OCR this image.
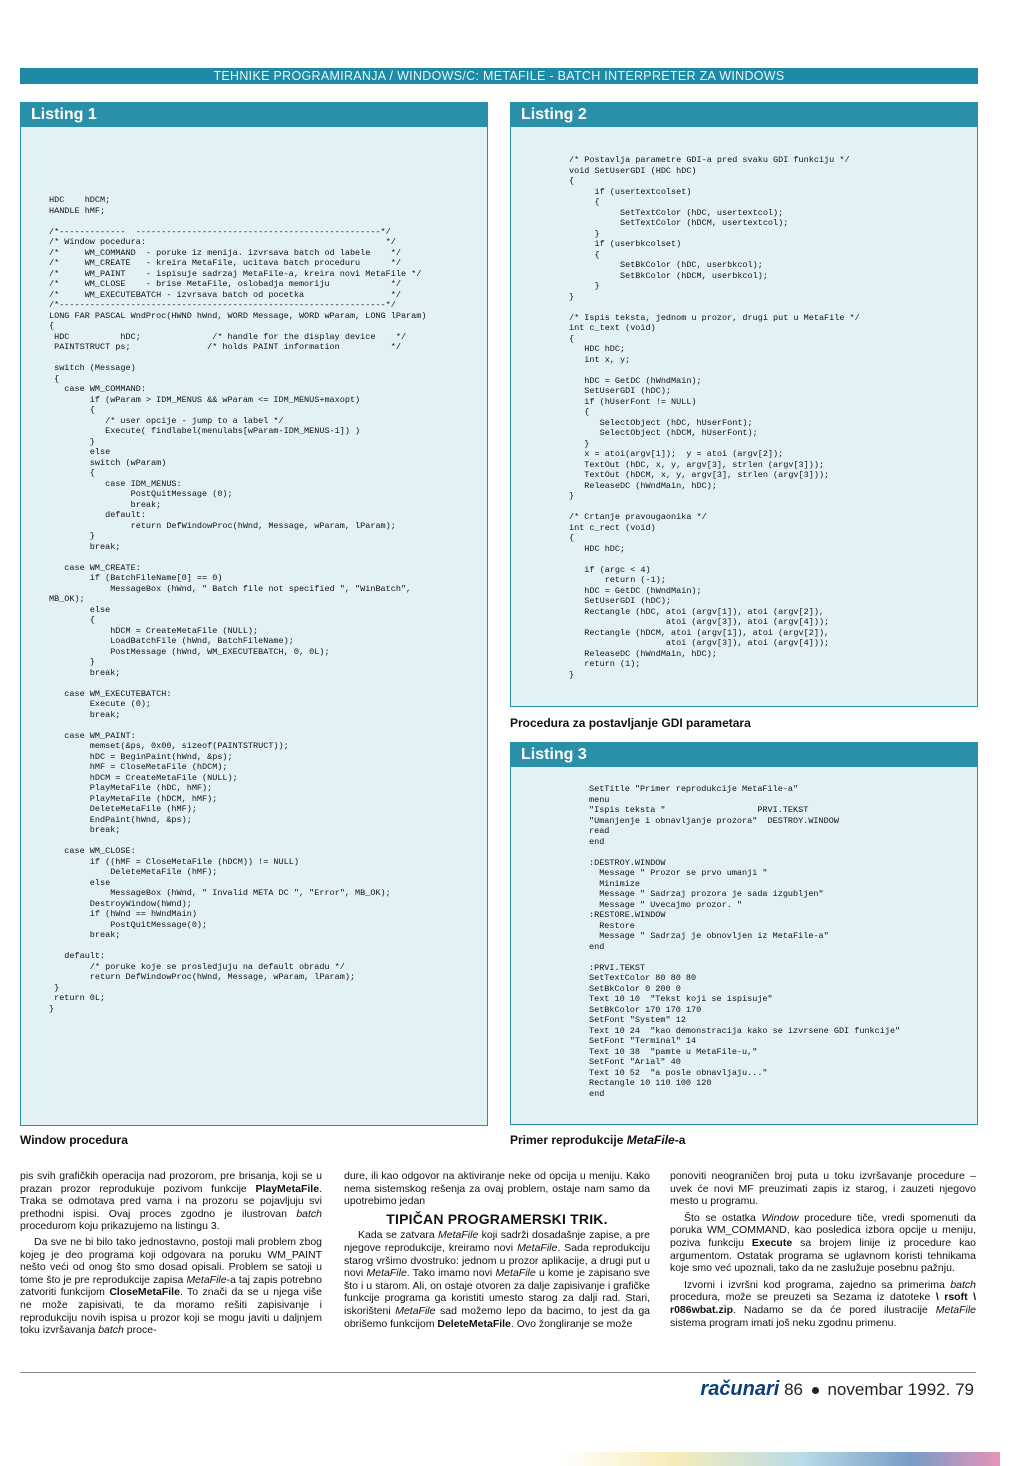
TEHNIKE PROGRAMIRANJA / WINDOWS/C: METAFILE - BATCH INTERPRETER ZA WINDOWS
Listing 1
HDC    hDCM;
HANDLE hMF;

/*-------------  ------------------------------------------------*/
/* Window pocedura:                                               */
/*     WM_COMMAND  - poruke iz menija. izvrsava batch od labele    */
/*     WM_CREATE   - kreira MetaFile, ucitava batch proceduru      */
/*     WM_PAINT    - ispisuje sadrzaj MetaFile-a, kreira novi MetaFile */
/*     WM_CLOSE    - brise MetaFile, oslobadja memoriju            */
/*     WM_EXECUTEBATCH - izvrsava batch od pocetka                 */
/*----------------------------------------------------------------*/
LONG FAR PASCAL WndProc(HWND hWnd, WORD Message, WORD wParam, LONG lParam)
{
HDC          hDC;              /* handle for the display device    */
PAINTSTRUCT ps;               /* holds PAINT information          */

switch (Message)
{
case WM_COMMAND:
if (wParam > IDM_MENUS && wParam <= IDM_MENUS+maxopt)
{
/* user opcije - jump to a label */
Execute( findlabel(menulabs[wParam-IDM_MENUS-1]) )
}
else
switch (wParam)
{
case IDM_MENUS:
PostQuitMessage (0);
break;
default:
return DefWindowProc(hWnd, Message, wParam, lParam);
}
break;

case WM_CREATE:
if (BatchFileName[0] == 0)
MessageBox (hWnd, " Batch file not specified ", "WinBatch",
MB_OK);
else
{
hDCM = CreateMetaFile (NULL);
LoadBatchFile (hWnd, BatchFileName);
PostMessage (hWnd, WM_EXECUTEBATCH, 0, 0L);
}
break;

case WM_EXECUTEBATCH:
Execute (0);
break;

case WM_PAINT:
memset(&ps, 0x00, sizeof(PAINTSTRUCT));
hDC = BeginPaint(hWnd, &ps);
hMF = CloseMetaFile (hDCM);
hDCM = CreateMetaFile (NULL);
PlayMetaFile (hDC, hMF);
PlayMetaFile (hDCM, hMF);
DeleteMetaFile (hMF);
EndPaint(hWnd, &ps);
break;

case WM_CLOSE:
if ((hMF = CloseMetaFile (hDCM)) != NULL)
DeleteMetaFile (hMF);
else
MessageBox (hWnd, " Invalid META DC ", "Error", MB_OK);
DestroyWindow(hWnd);
if (hWnd == hWndMain)
PostQuitMessage(0);
break;

default:
/* poruke koje se prosledjuju na default obradu */
return DefWindowProc(hWnd, Message, wParam, lParam);
}
return 0L;
}
Window procedura
Listing 2
/* Postavlja parametre GDI-a pred svaku GDI funkciju */
void SetUserGDI (HDC hDC)
{
if (usertextcolset)
{
SetTextColor (hDC, usertextcol);
SetTextColor (hDCM, usertextcol);
}
if (userbkcolset)
{
SetBkColor (hDC, userbkcol);
SetBkColor (hDCM, userbkcol);
}
}

/* Ispis teksta, jednom u prozor, drugi put u MetaFile */
int c_text (void)
{
HDC hDC;
int x, y;

hDC = GetDC (hWndMain);
SetUserGDI (hDC);
if (hUserFont != NULL)
{
SelectObject (hDC, hUserFont);
SelectObject (hDCM, hUserFont);
}
x = atoi(argv[1]);  y = atoi (argv[2]);
TextOut (hDC, x, y, argv[3], strlen (argv[3]));
TextOut (hDCM, x, y, argv[3], strlen (argv[3]));
ReleaseDC (hWndMain, hDC);
}

/* Crtanje pravougaonika */
int c_rect (void)
{
HDC hDC;

if (argc < 4)
return (-1);
hDC = GetDC (hWndMain);
SetUserGDI (hDC);
Rectangle (hDC, atoi (argv[1]), atoi (argv[2]),
atoi (argv[3]), atoi (argv[4]));
Rectangle (hDCM, atoi (argv[1]), atoi (argv[2]),
atoi (argv[3]), atoi (argv[4]));
ReleaseDC (hWndMain, hDC);
return (1);
}
Procedura za postavljanje GDI parametara
Listing 3
SetTitle "Primer reprodukcije MetaFile-a"
menu
"Ispis teksta "                  PRVI.TEKST
"Umanjenje i obnavljanje prozora"  DESTROY.WINDOW
read
end

:DESTROY.WINDOW
Message " Prozor se prvo umanji "
Minimize
Message " Sadrzaj prozora je sada izgubljen"
Message " Uvecajmo prozor. "
:RESTORE.WINDOW
Restore
Message " Sadrzaj je obnovljen iz MetaFile-a"
end

:PRVI.TEKST
SetTextColor 80 80 80
SetBkColor 0 200 0
Text 10 10  "Tekst koji se ispisuje"
SetBkColor 170 170 170
SetFont "System" 12
Text 10 24  "kao demonstracija kako se izvrsene GDI funkcije"
SetFont "Terminal" 14
Text 10 38  "pamte u MetaFile-u,"
SetFont "Arial" 40
Text 10 52  "a posle obnavljaju..."
Rectangle 10 110 100 120
end
Primer reprodukcije MetaFile-a

pis svih grafičkih operacija nad prozorom, pre brisanja, koji se u prazan prozor reprodukuje pozivom funkcije PlayMetaFile. Traka se odmotava pred vama i na prozoru se pojavljuju svi prethodni ispisi. Ovaj proces zgodno je ilustrovan batch procedurom koju prikazujemo na listingu 3.

Da sve ne bi bilo tako jednostavno, postoji mali problem zbog kojeg je deo programa koji odgovara na poruku WM_PAINT nešto veći od onog što smo dosad opisali. Problem se satoji u tome što je pre reprodukcije zapisa MetaFile-a taj zapis potrebno zatvoriti funkcijom CloseMetaFile. To znači da se u njega više ne može zapisivati, te da moramo rešiti zapisivanje i reprodukciju novih ispisa u prozor koji se mogu javiti u daljnjem toku izvršavanja batch proce-

dure, ili kao odgovor na aktiviranje neke od opcija u meniju. Kako nema sistemskog rešenja za ovaj problem, ostaje nam samo da upotrebimo jedan

TIPIČAN PROGRAMERSKI TRIK.

Kada se zatvara MetaFile koji sadrži dosadašnje zapise, a pre njegove reprodukcije, kreiramo novi MetaFile. Sada reprodukciju starog vršimo dvostruko: jednom u prozor aplikacije, a drugi put u novi MetaFile. Tako imamo novi MetaFile u kome je zapisano sve što i u starom. Ali, on ostaje otvoren za dalje zapisivanje i grafičke funkcije programa ga koristiti umesto starog za dalji rad. Stari, iskorišteni MetaFile sad možemo lepo da bacimo, to jest da ga obrišemo funkcijom DeleteMetaFile. Ovo žongliranje se može

ponoviti neograničen broj puta u toku izvršavanje procedure – uvek će novi MF preuzimati zapis iz starog, i zauzeti njegovo mesto u programu.

Što se ostatka Window procedure tiče, vredi spomenuti da poruka WM_COMMAND, kao posledica izbora opcije u meniju, poziva funkciju Execute sa brojem linije iz procedure kao argumentom. Ostatak programa se uglavnom koristi tehnikama koje smo već upoznali, tako da ne zaslužuje posebnu pažnju.

Izvorni i izvršni kod programa, zajedno sa primerima batch procedura, može se preuzeti sa Sezama iz datoteke \ rsoft \ r086wbat.zip. Nadamo se da će pored ilustracije MetaFile sistema program imati još neku zgodnu primenu.

računari 86 novembar 1992. 79
